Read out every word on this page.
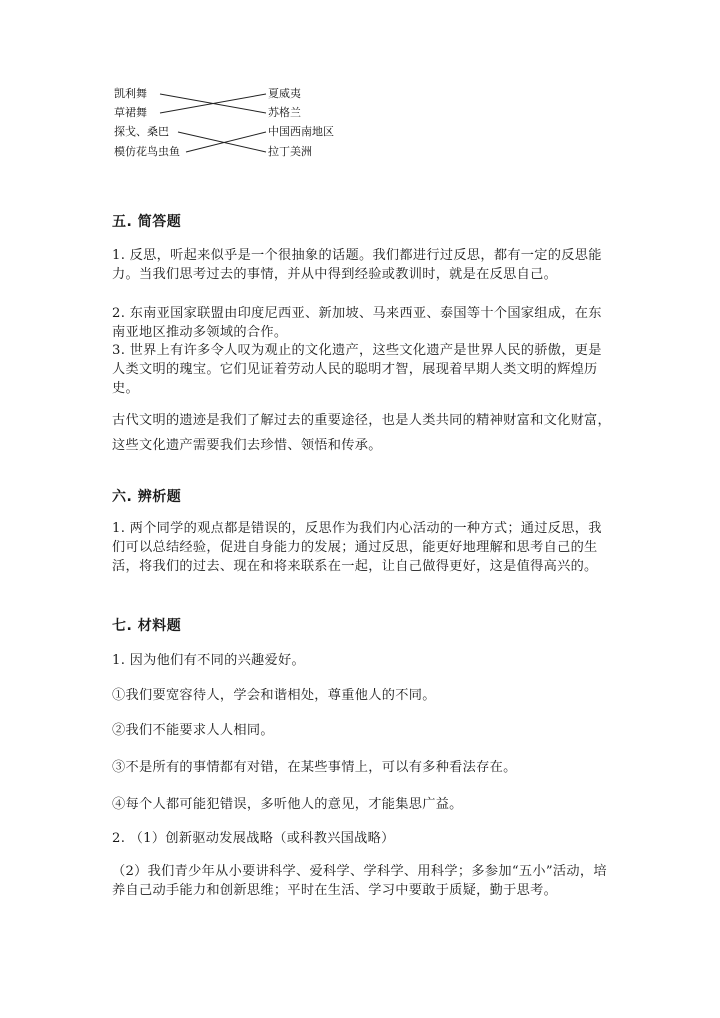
凯利舞
草裙舞
探戈、桑巴
模仿花鸟虫鱼
夏威夷
苏格兰
中国西南地区
拉丁美洲
五. 简答题

1. 反思，听起来似乎是一个很抽象的话题。我们都进行过反思，都有一定的反思能力。当我们思考过去的事情，并从中得到经验或教训时，就是在反思自己。

2. 东南亚国家联盟由印度尼西亚、新加坡、马来西亚、泰国等十个国家组成，在东南亚地区推动多领域的合作。

3. 世界上有许多令人叹为观止的文化遗产，这些文化遗产是世界人民的骄傲，更是人类文明的瑰宝。它们见证着劳动人民的聪明才智，展现着早期人类文明的辉煌历史。

古代文明的遗迹是我们了解过去的重要途径，也是人类共同的精神财富和文化财富，这些文化遗产需要我们去珍惜、领悟和传承。

六. 辨析题

1. 两个同学的观点都是错误的，反思作为我们内心活动的一种方式；通过反思，我们可以总结经验，促进自身能力的发展；通过反思，能更好地理解和思考自己的生活，将我们的过去、现在和将来联系在一起，让自己做得更好，这是值得高兴的。

七. 材料题

1. 因为他们有不同的兴趣爱好。

①我们要宽容待人，学会和谐相处，尊重他人的不同。

②我们不能要求人人相同。

③不是所有的事情都有对错，在某些事情上，可以有多种看法存在。

④每个人都可能犯错误，多听他人的意见，才能集思广益。

2. （1）创新驱动发展战略（或科教兴国战略）

（2）我们青少年从小要讲科学、爱科学、学科学、用科学；多参加“五小”活动，培养自己动手能力和创新思维；平时在生活、学习中要敢于质疑，勤于思考。
